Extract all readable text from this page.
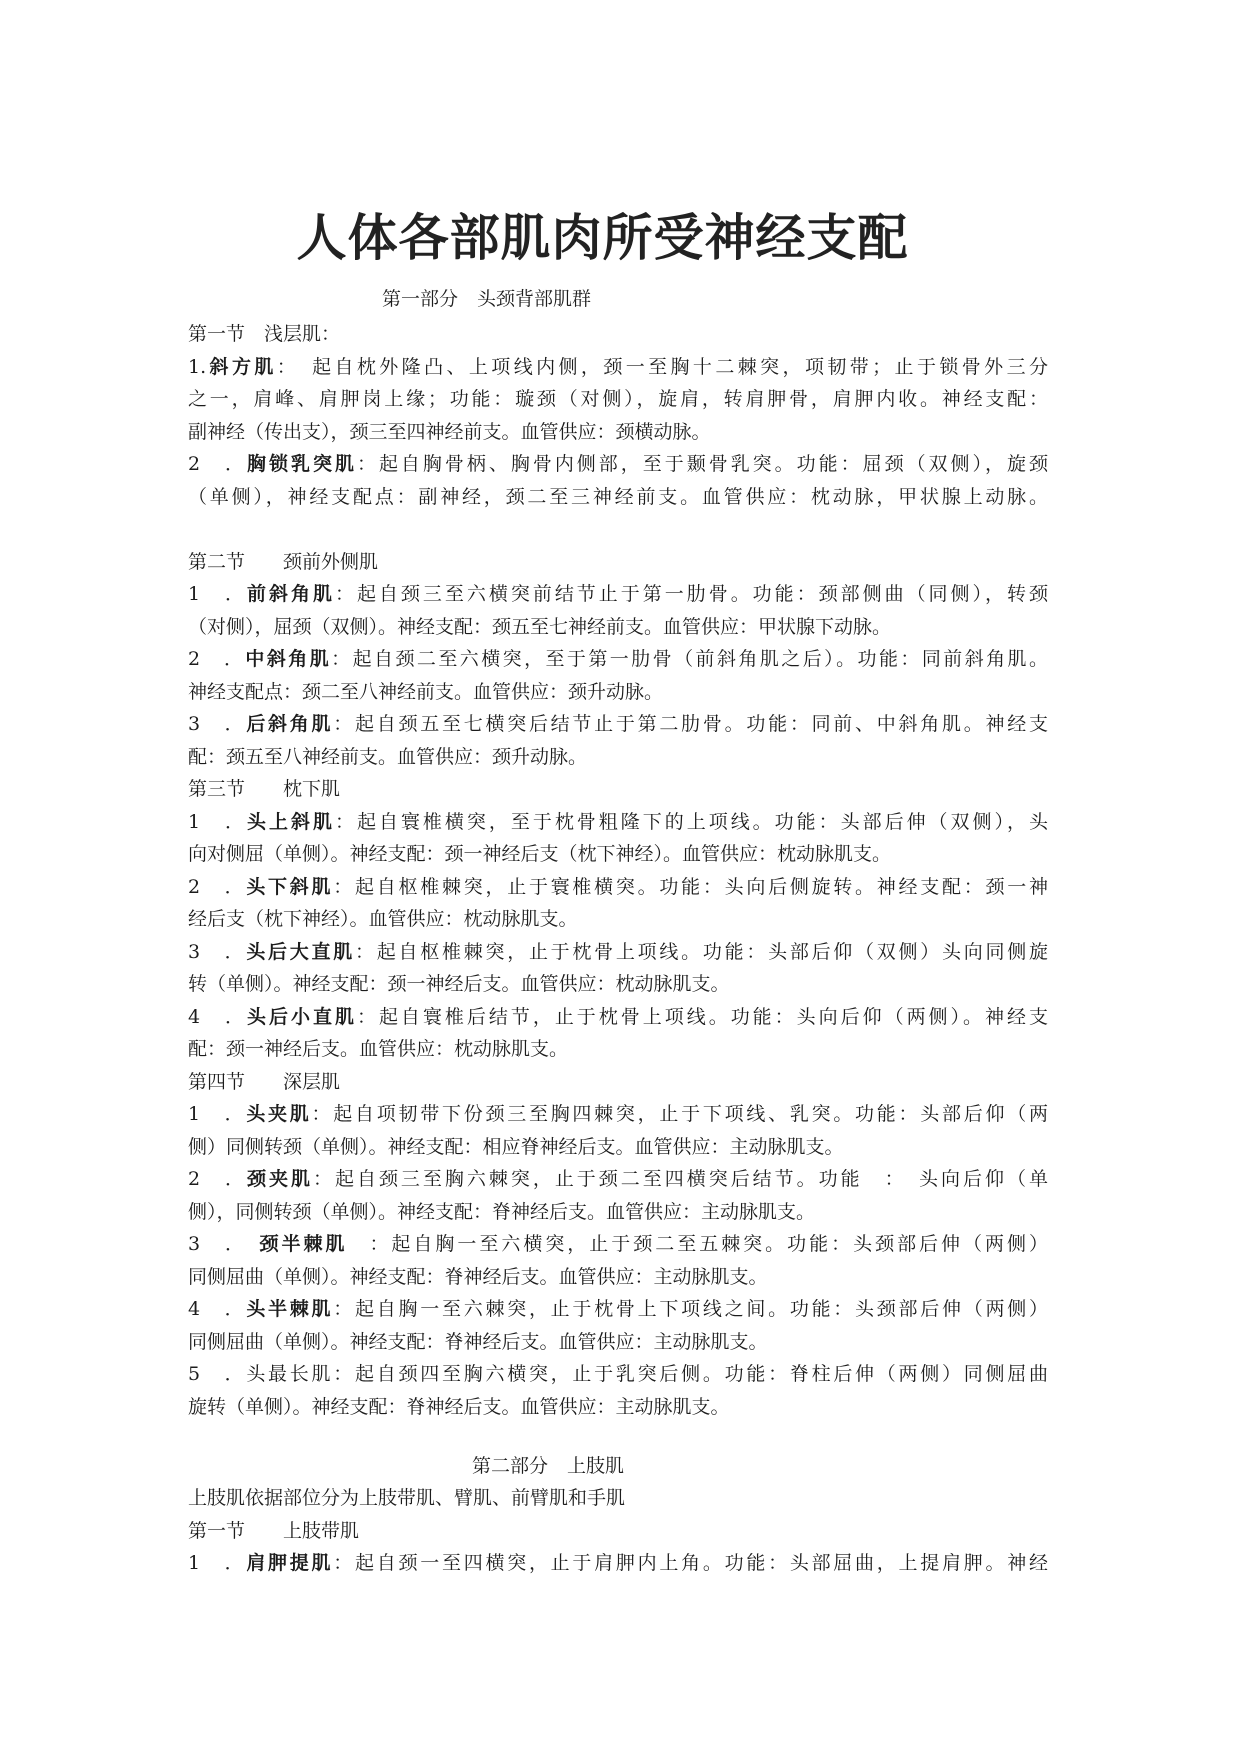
人体各部肌肉所受神经支配
第一部分　头颈背部肌群
第一节　浅层肌：
1.斜方肌：　起自枕外隆凸、上项线内侧，颈一至胸十二棘突，项韧带；止于锁骨外三分
之一，肩峰、肩胛岗上缘；功能：璇颈（对侧），旋肩，转肩胛骨，肩胛内收。神经支配：
副神经（传出支），颈三至四神经前支。血管供应：颈横动脉。
2　．胸锁乳突肌：起自胸骨柄、胸骨内侧部，至于颞骨乳突。功能：屈颈（双侧），旋颈
（单侧），神经支配点：副神经，颈二至三神经前支。血管供应：枕动脉，甲状腺上动脉。
第二节　　颈前外侧肌
1　．前斜角肌：起自颈三至六横突前结节止于第一肋骨。功能：颈部侧曲（同侧），转颈
（对侧），屈颈（双侧）。神经支配：颈五至七神经前支。血管供应：甲状腺下动脉。
2　．中斜角肌：起自颈二至六横突，至于第一肋骨（前斜角肌之后）。功能：同前斜角肌。
神经支配点：颈二至八神经前支。血管供应：颈升动脉。
3　．后斜角肌：起自颈五至七横突后结节止于第二肋骨。功能：同前、中斜角肌。神经支
配：颈五至八神经前支。血管供应：颈升动脉。
第三节　　枕下肌
1　．头上斜肌：起自寰椎横突，至于枕骨粗隆下的上项线。功能：头部后伸（双侧），头
向对侧屈（单侧）。神经支配：颈一神经后支（枕下神经）。血管供应：枕动脉肌支。
2　．头下斜肌：起自枢椎棘突，止于寰椎横突。功能：头向后侧旋转。神经支配：颈一神
经后支（枕下神经）。血管供应：枕动脉肌支。
3　．头后大直肌：起自枢椎棘突，止于枕骨上项线。功能：头部后仰（双侧）头向同侧旋
转（单侧）。神经支配：颈一神经后支。血管供应：枕动脉肌支。
4　．头后小直肌：起自寰椎后结节，止于枕骨上项线。功能：头向后仰（两侧）。神经支
配：颈一神经后支。血管供应：枕动脉肌支。
第四节　　深层肌
1　．头夹肌：起自项韧带下份颈三至胸四棘突，止于下项线、乳突。功能：头部后仰（两
侧）同侧转颈（单侧）。神经支配：相应脊神经后支。血管供应：主动脉肌支。
2　．颈夹肌：起自颈三至胸六棘突，止于颈二至四横突后结节。功能　：　头向后仰（单
侧），同侧转颈（单侧）。神经支配：脊神经后支。血管供应：主动脉肌支。
3　．　颈半棘肌　：起自胸一至六横突，止于颈二至五棘突。功能：头颈部后伸（两侧）
同侧屈曲（单侧）。神经支配：脊神经后支。血管供应：主动脉肌支。
4　．头半棘肌：起自胸一至六棘突，止于枕骨上下项线之间。功能：头颈部后伸（两侧）
同侧屈曲（单侧）。神经支配：脊神经后支。血管供应：主动脉肌支。
5　．头最长肌：起自颈四至胸六横突，止于乳突后侧。功能：脊柱后伸（两侧）同侧屈曲
旋转（单侧）。神经支配：脊神经后支。血管供应：主动脉肌支。
第二部分　上肢肌
上肢肌依据部位分为上肢带肌、臂肌、前臂肌和手肌
第一节　　上肢带肌
1　．肩胛提肌：起自颈一至四横突，止于肩胛内上角。功能：头部屈曲，上提肩胛。神经
